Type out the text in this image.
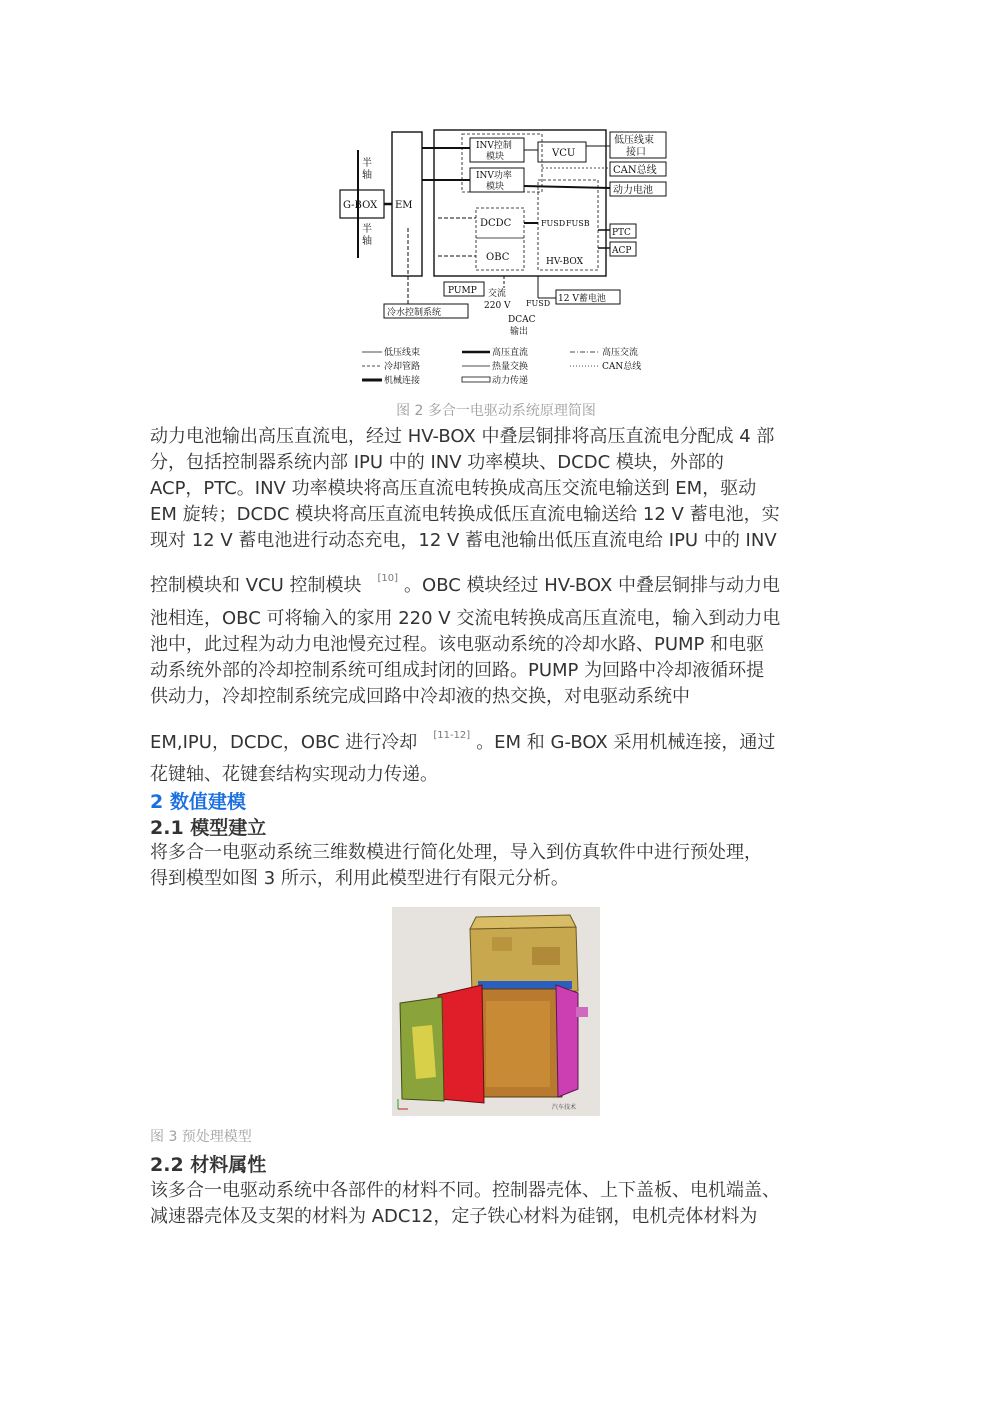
半
轴
半
轴
G-BOX EM
INV控制
模块	VCU
INV功率
模块
DCDC
OBC
FUSD FUSB
HV-BOX
低压线束
接口
CAN总线
动力电池
PTC
ACP
PUMP 交流
220 V FUSD 12 V蓄电池
DCAC
输出
冷水控制系统
低压线束	高压直流	高压交流
冷却管路	热量交换	CAN总线
机械连接	动力传递
图 2 多合一电驱动系统原理简图
动力电池输出高压直流电，经过 HV-BOX 中叠层铜排将高压直流电分配成 4 部
分，包括控制器系统内部 IPU 中的 INV 功率模块、DCDC 模块，外部的
ACP，PTC。INV 功率模块将高压直流电转换成高压交流电输送到 EM，驱动
EM 旋转；DCDC 模块将高压直流电转换成低压直流电输送给 12 V 蓄电池，实
现对 12 V 蓄电池进行动态充电，12 V 蓄电池输出低压直流电给 IPU 中的 INV
控制模块和 VCU 控制模块 [10] 。OBC 模块经过 HV-BOX 中叠层铜排与动力电
池相连，OBC 可将输入的家用 220 V 交流电转换成高压直流电，输入到动力电
池中，此过程为动力电池慢充过程。该电驱动系统的冷却水路、PUMP 和电驱
动系统外部的冷却控制系统可组成封闭的回路。PUMP 为回路中冷却液循环提
供动力，冷却控制系统完成回路中冷却液的热交换，对电驱动系统中
EM,IPU，DCDC，OBC 进行冷却 [11-12] 。EM 和 G-BOX 采用机械连接，通过
花键轴、花键套结构实现动力传递。
2 数值建模
2.1 模型建立
将多合一电驱动系统三维数模进行简化处理，导入到仿真软件中进行预处理，
得到模型如图 3 所示，利用此模型进行有限元分析。
汽车技术
图 3 预处理模型
2.2 材料属性
该多合一电驱动系统中各部件的材料不同。控制器壳体、上下盖板、电机端盖、
减速器壳体及支架的材料为 ADC12，定子铁心材料为硅钢，电机壳体材料为
